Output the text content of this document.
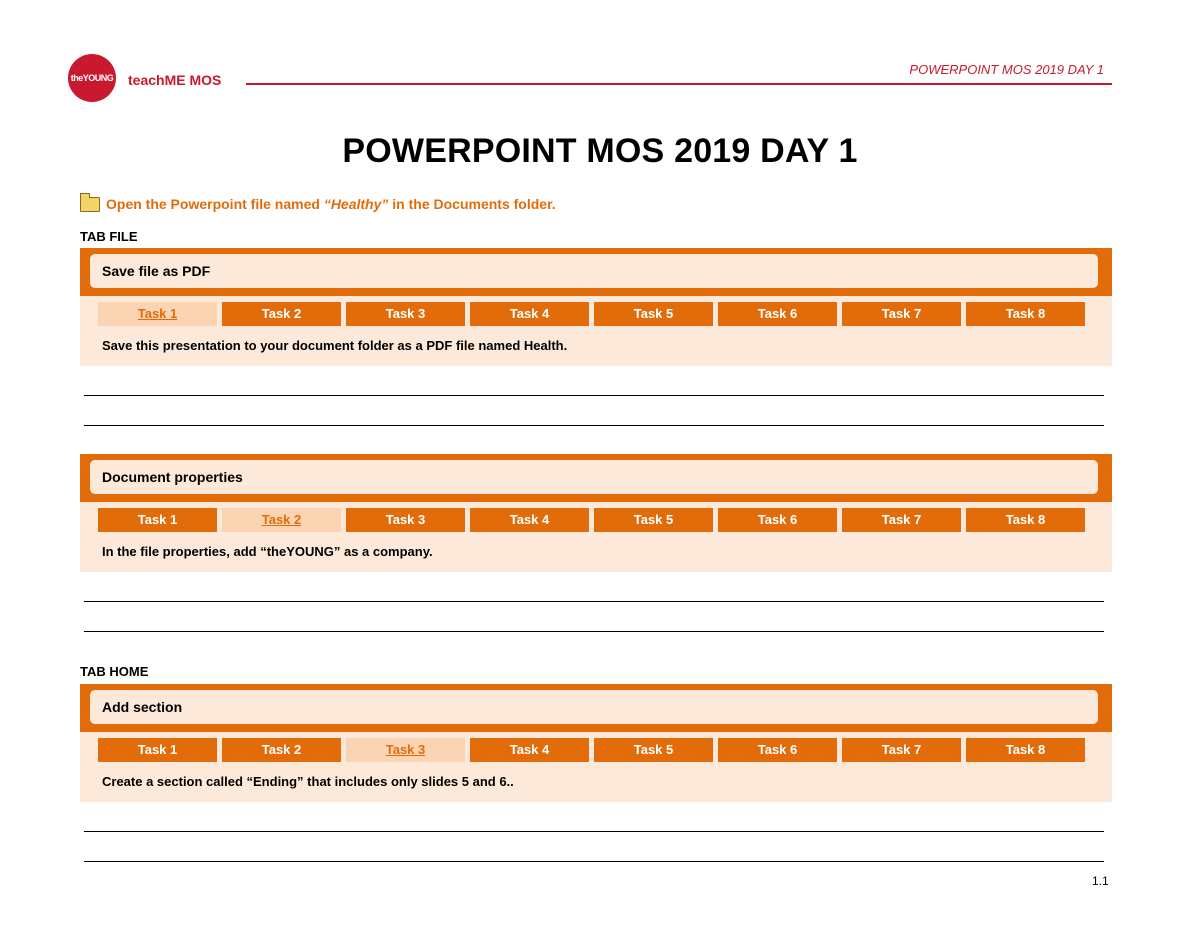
theYOUNG teachME MOS
POWERPOINT MOS 2019 DAY 1
POWERPOINT MOS 2019 DAY 1
Open the Powerpoint file named “Healthy” in the Documents folder.
TAB FILE
Save file as PDF
Task 1	Task 2	Task 3	Task 4	Task 5	Task 6	Task 7	Task 8
Save this presentation to your document folder as a PDF file named Health.
Document properties
Task 1	Task 2	Task 3	Task 4	Task 5	Task 6	Task 7	Task 8
In the file properties, add “theYOUNG” as a company.
TAB HOME
Add section
Task 1	Task 2	Task 3	Task 4	Task 5	Task 6	Task 7	Task 8
Create a section called “Ending” that includes only slides 5 and 6..
1.1
